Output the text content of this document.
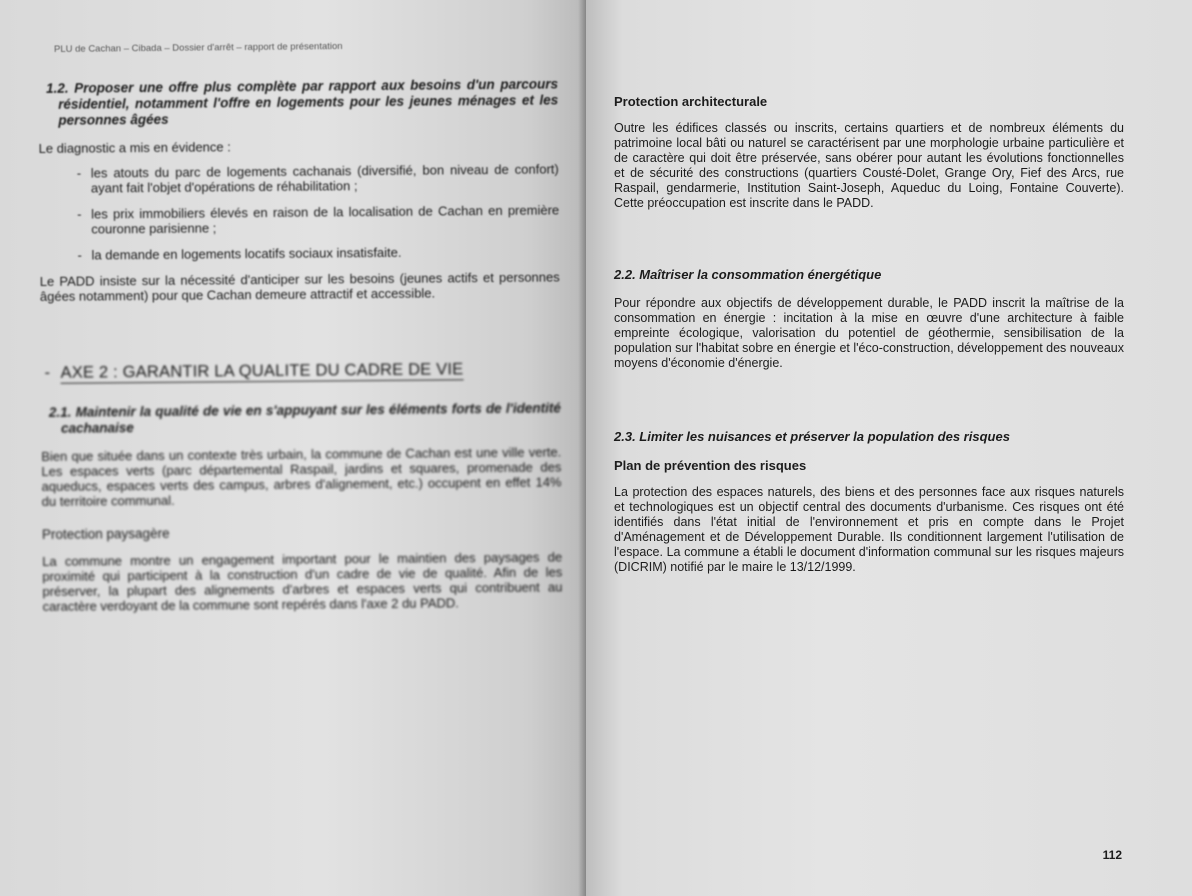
PLU de Cachan – Cibada – Dossier d'arrêt – rapport de présentation
1.2. Proposer une offre plus complète par rapport aux besoins d'un parcours résidentiel, notamment l'offre en logements pour les jeunes ménages et les personnes âgées

Le diagnostic a mis en évidence :

- les atouts du parc de logements cachanais (diversifié, bon niveau de confort) ayant fait l'objet d'opérations de réhabilitation ;
- les prix immobiliers élevés en raison de la localisation de Cachan en première couronne parisienne ;
- la demande en logements locatifs sociaux insatisfaite.

Le PADD insiste sur la nécessité d'anticiper sur les besoins (jeunes actifs et personnes âgées notamment) pour que Cachan demeure attractif et accessible.

- AXE 2 : GARANTIR LA QUALITE DU CADRE DE VIE
2.1. Maintenir la qualité de vie en s'appuyant sur les éléments forts de l'identité cachanaise

Bien que située dans un contexte très urbain, la commune de Cachan est une ville verte. Les espaces verts (parc départemental Raspail, jardins et squares, promenade des aqueducs, espaces verts des campus, arbres d'alignement, etc.) occupent en effet 14% du territoire communal.

Protection paysagère

La commune montre un engagement important pour le maintien des paysages de proximité qui participent à la construction d'un cadre de vie de qualité. Afin de les préserver, la plupart des alignements d'arbres et espaces verts qui contribuent au caractère verdoyant de la commune sont repérés dans l'axe 2 du PADD.

Protection architecturale

Outre les édifices classés ou inscrits, certains quartiers et de nombreux éléments du patrimoine local bâti ou naturel se caractérisent par une morphologie urbaine particulière et de caractère qui doit être préservée, sans obérer pour autant les évolutions fonctionnelles et de sécurité des constructions (quartiers Cousté-Dolet, Grange Ory, Fief des Arcs, rue Raspail, gendarmerie, Institution Saint-Joseph, Aqueduc du Loing, Fontaine Couverte). Cette préoccupation est inscrite dans le PADD.

2.2. Maîtriser la consommation énergétique

Pour répondre aux objectifs de développement durable, le PADD inscrit la maîtrise de la consommation en énergie : incitation à la mise en œuvre d'une architecture à faible empreinte écologique, valorisation du potentiel de géothermie, sensibilisation de la population sur l'habitat sobre en énergie et l'éco-construction, développement des nouveaux moyens d'économie d'énergie.

2.3. Limiter les nuisances et préserver la population des risques
Plan de prévention des risques

La protection des espaces naturels, des biens et des personnes face aux risques naturels et technologiques est un objectif central des documents d'urbanisme. Ces risques ont été identifiés dans l'état initial de l'environnement et pris en compte dans le Projet d'Aménagement et de Développement Durable. Ils conditionnent largement l'utilisation de l'espace. La commune a établi le document d'information communal sur les risques majeurs (DICRIM) notifié par le maire le 13/12/1999.

112
